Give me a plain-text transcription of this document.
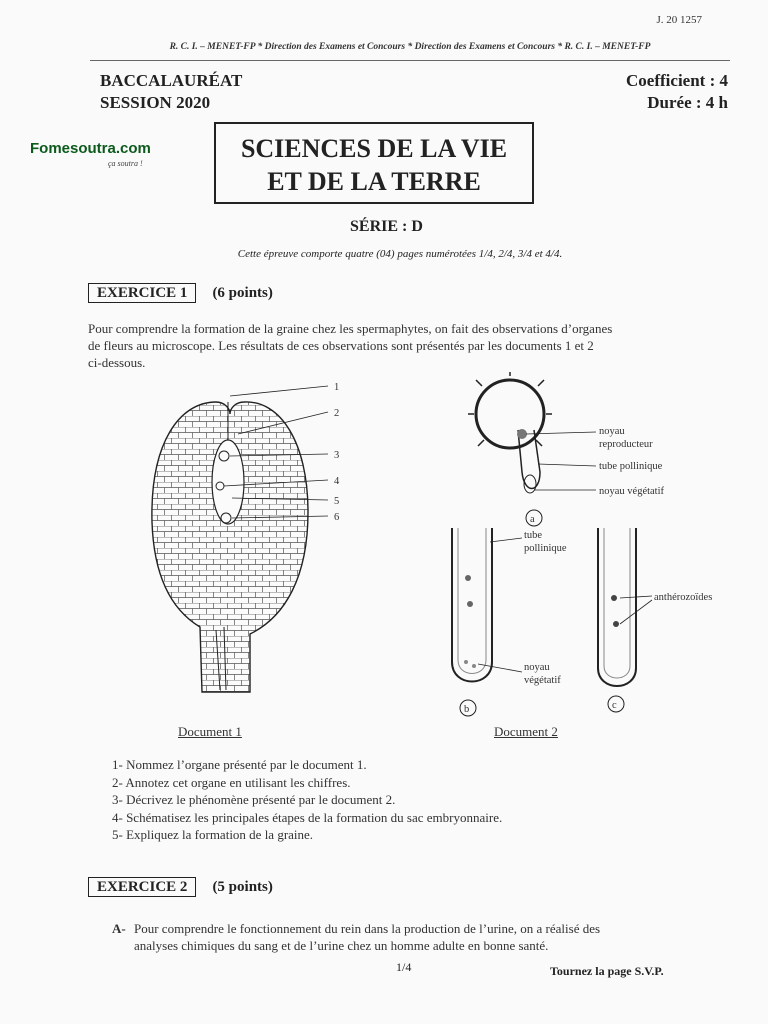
J. 20 1257
R. C. I. – MENET-FP * Direction des Examens et Concours * Direction des Examens et Concours * R. C. I. – MENET-FP
BACCALAURÉAT
SESSION 2020
Coefficient : 4
Durée : 4 h
Fomesoutra.com
ça soutra !
SCIENCES DE LA VIE
ET DE LA TERRE
SÉRIE : D
Cette épreuve comporte quatre (04) pages numérotées 1/4, 2/4, 3/4 et 4/4.
EXERCICE 1 (6 points)
Pour comprendre la formation de la graine chez les spermaphytes, on fait des observations d’organes
de fleurs au microscope. Les résultats de ces observations sont présentés par les documents 1 et 2
ci-dessous.
1
2
3
4
5
6
noyau
reproducteur
tube pollinique
noyau végétatif
a
tube
pollinique
noyau
végétatif
b
anthérozoïdes
c
Document 1	Document 2
1- Nommez l’organe présenté par le document 1.
2- Annotez cet organe en utilisant les chiffres.
3- Décrivez le phénomène présenté par le document 2.
4- Schématisez les principales étapes de la formation du sac embryonnaire.
5- Expliquez la formation de la graine.
EXERCICE 2 (5 points)
A- Pour comprendre le fonctionnement du rein dans la production de l’urine, on a réalisé des
analyses chimiques du sang et de l’urine chez un homme adulte en bonne santé.
1/4	Tournez la page S.V.P.
